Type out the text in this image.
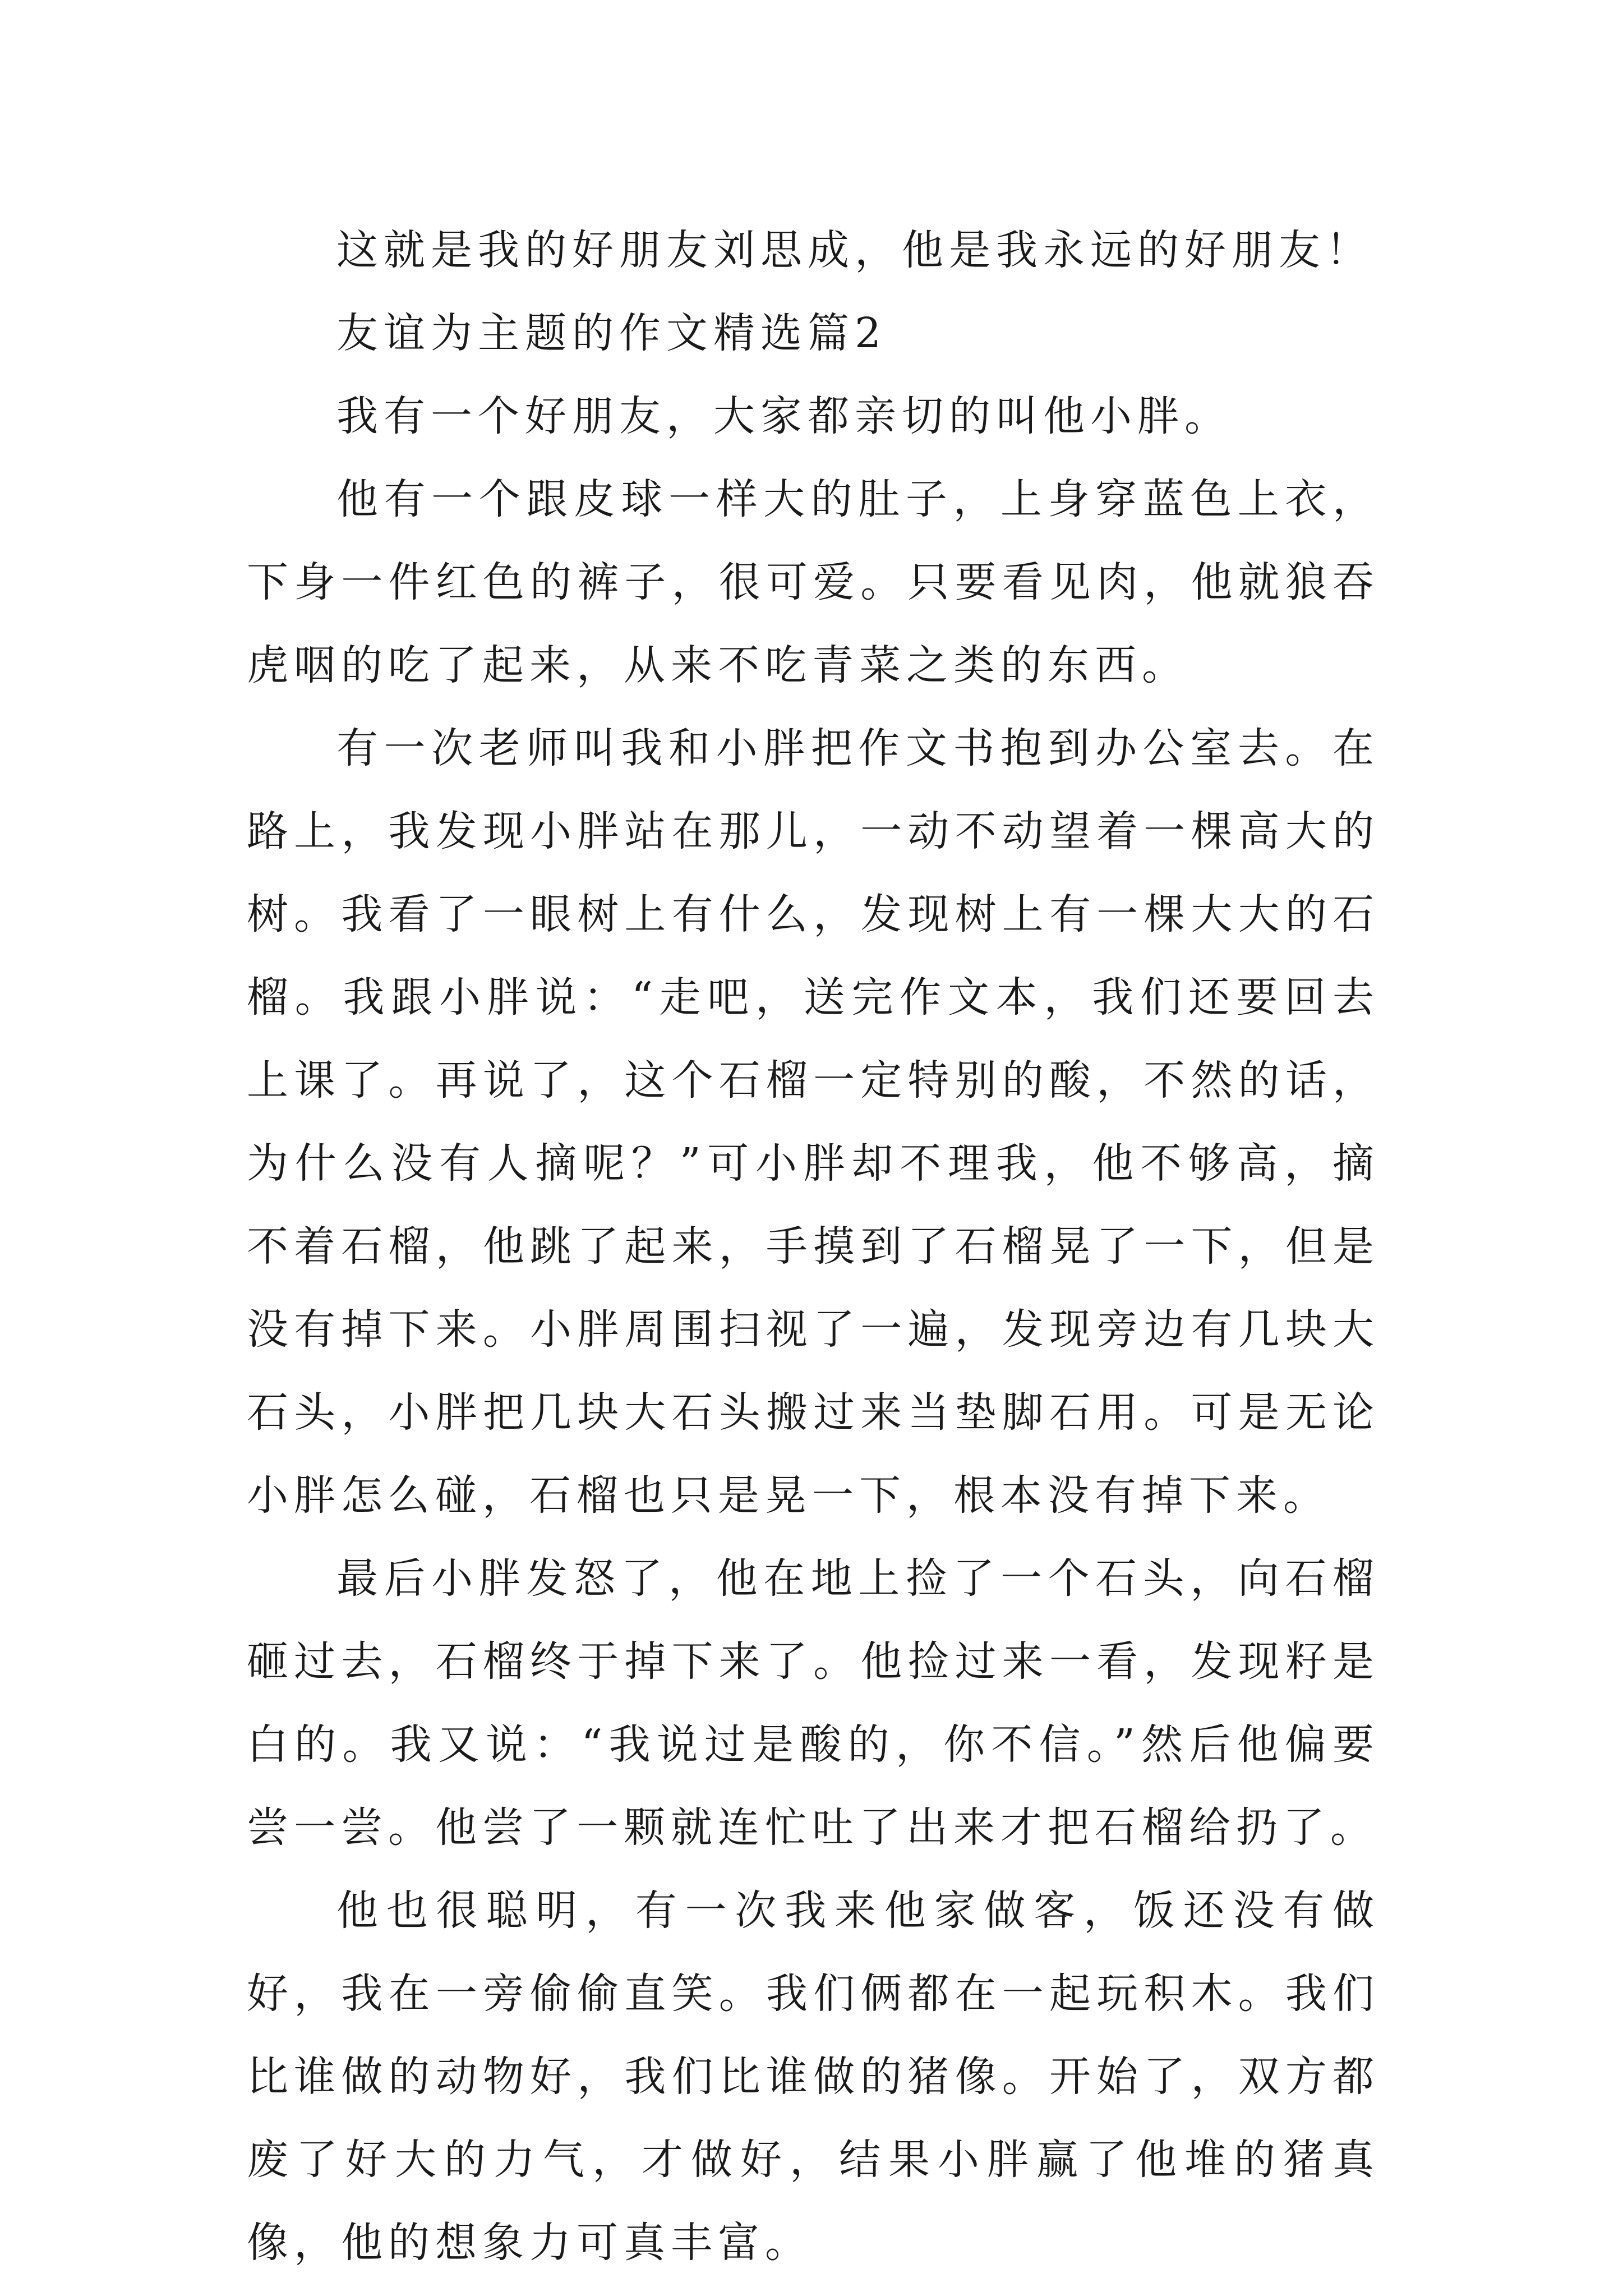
这就是我的好朋友刘思成，他是我永远的好朋友！

友谊为主题的作文精选篇2

我有一个好朋友，大家都亲切的叫他小胖。

他有一个跟皮球一样大的肚子，上身穿蓝色上衣，下身一件红色的裤子，很可爱。只要看见肉，他就狼吞虎咽的吃了起来，从来不吃青菜之类的东西。

有一次老师叫我和小胖把作文书抱到办公室去。在路上，我发现小胖站在那儿，一动不动望着一棵高大的树。我看了一眼树上有什么，发现树上有一棵大大的石榴。我跟小胖说：“走吧，送完作文本，我们还要回去上课了。再说了，这个石榴一定特别的酸，不然的话，为什么没有人摘呢？”可小胖却不理我，他不够高，摘不着石榴，他跳了起来，手摸到了石榴晃了一下，但是没有掉下来。小胖周围扫视了一遍，发现旁边有几块大石头，小胖把几块大石头搬过来当垫脚石用。可是无论小胖怎么碰，石榴也只是晃一下，根本没有掉下来。

最后小胖发怒了，他在地上捡了一个石头，向石榴砸过去，石榴终于掉下来了。他捡过来一看，发现籽是白的。我又说：“我说过是酸的，你不信。”然后他偏要尝一尝。他尝了一颗就连忙吐了出来才把石榴给扔了。

他也很聪明，有一次我来他家做客，饭还没有做好，我在一旁偷偷直笑。我们俩都在一起玩积木。我们比谁做的动物好，我们比谁做的猪像。开始了，双方都废了好大的力气，才做好，结果小胖赢了他堆的猪真像，他的想象力可真丰富。
